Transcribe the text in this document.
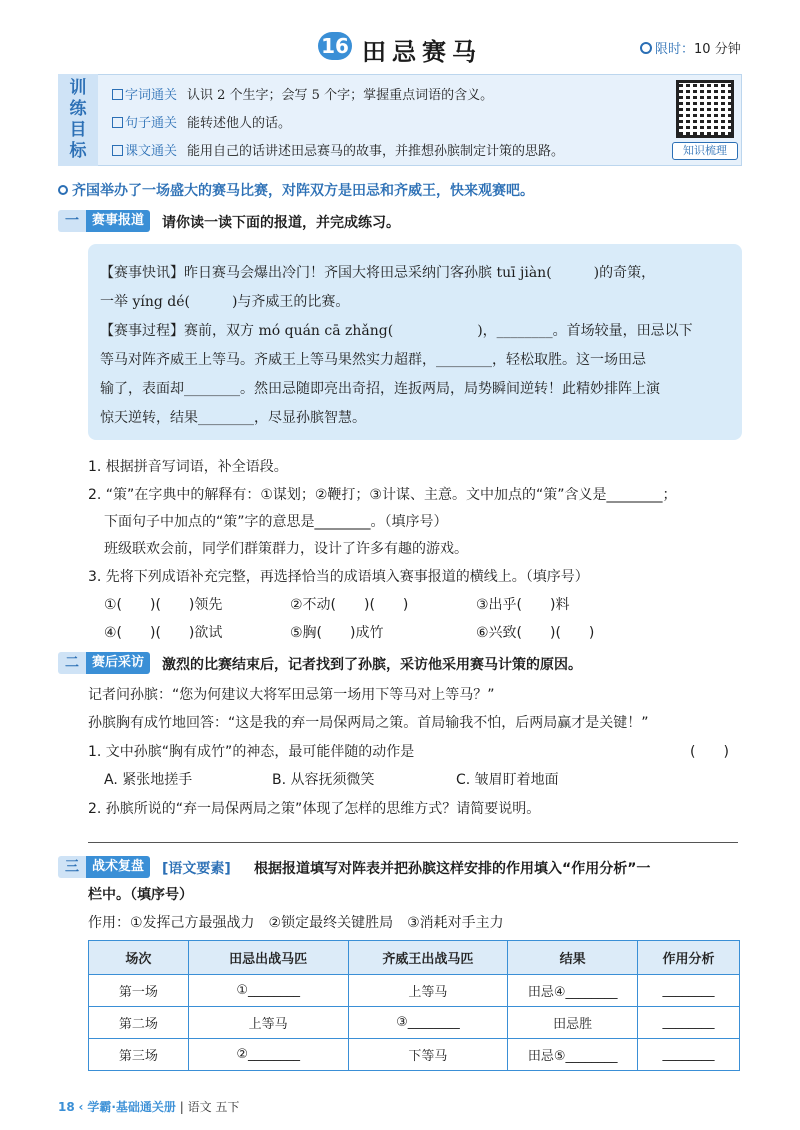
16 田忌赛马	限时：10 分钟
训
练
目
标
字词通关 认识 2 个生字；会写 5 个字；掌握重点词语的含义。
句子通关 能转述他人的话。
课文通关 能用自己的话讲述田忌赛马的故事，并推想孙膑制定计策的思路。	知识梳理
齐国举办了一场盛大的赛马比赛，对阵双方是田忌和齐威王，快来观赛吧。
一	赛事报道	请你读一读下面的报道，并完成练习。
【赛事快讯】昨日赛马会爆出冷门！齐国大将田忌采纳门客孙膑 tuī jiàn(　　　)的奇策，
一举 yíng dé(　　　)与齐威王的比赛。
【赛事过程】赛前，双方 mó quán cā zhǎng(　　　　　　)，________。首场较量，田忌以下
等马对阵齐威王上等马。齐威王上等马果然实力超群，________，轻松取胜。这一场田忌
输了，表面却________。然田忌随即亮出奇招，连扳两局，局势瞬间逆转！此精妙排阵上演
惊天逆转，结果________，尽显孙膑智慧。
1. 根据拼音写词语，补全语段。
2. “策”在字典中的解释有：①谋划；②鞭打；③计谋、主意。文中加点的“策”含义是________；
下面句子中加点的“策”字的意思是________。（填序号）
班级联欢会前，同学们群策群力，设计了许多有趣的游戏。
3. 先将下列成语补充完整，再选择恰当的成语填入赛事报道的横线上。（填序号）
①(　　)(　　)领先	②不动(　　)(　　)	③出乎(　　)料
④(　　)(　　)欲试	⑤胸(　　)成竹	⑥兴致(　　)(　　)
二	赛后采访	激烈的比赛结束后，记者找到了孙膑，采访他采用赛马计策的原因。
记者问孙膑：“您为何建议大将军田忌第一场用下等马对上等马？”
孙膑胸有成竹地回答：“这是我的弃一局保两局之策。首局输我不怕，后两局赢才是关键！”
1. 文中孙膑“胸有成竹”的神态，最可能伴随的动作是	(　　)
A. 紧张地搓手	B. 从容抚须微笑	C. 皱眉盯着地面
2. 孙膑所说的“弃一局保两局之策”体现了怎样的思维方式？请简要说明。
三	战术复盘	[语文要素] 根据报道填写对阵表并把孙膑这样安排的作用填入“作用分析”一
栏中。（填序号）
作用：①发挥己方最强战力　②锁定最终关键胜局　③消耗对手主力
场次	田忌出战马匹	齐威王出战马匹	结果	作用分析
第一场	①________	上等马	田忌④________	________
第二场	上等马	③________	田忌胜	________
第三场	②________	下等马	田忌⑤________	________
18 ‹ 学霸·基础通关册 | 语文 五下
